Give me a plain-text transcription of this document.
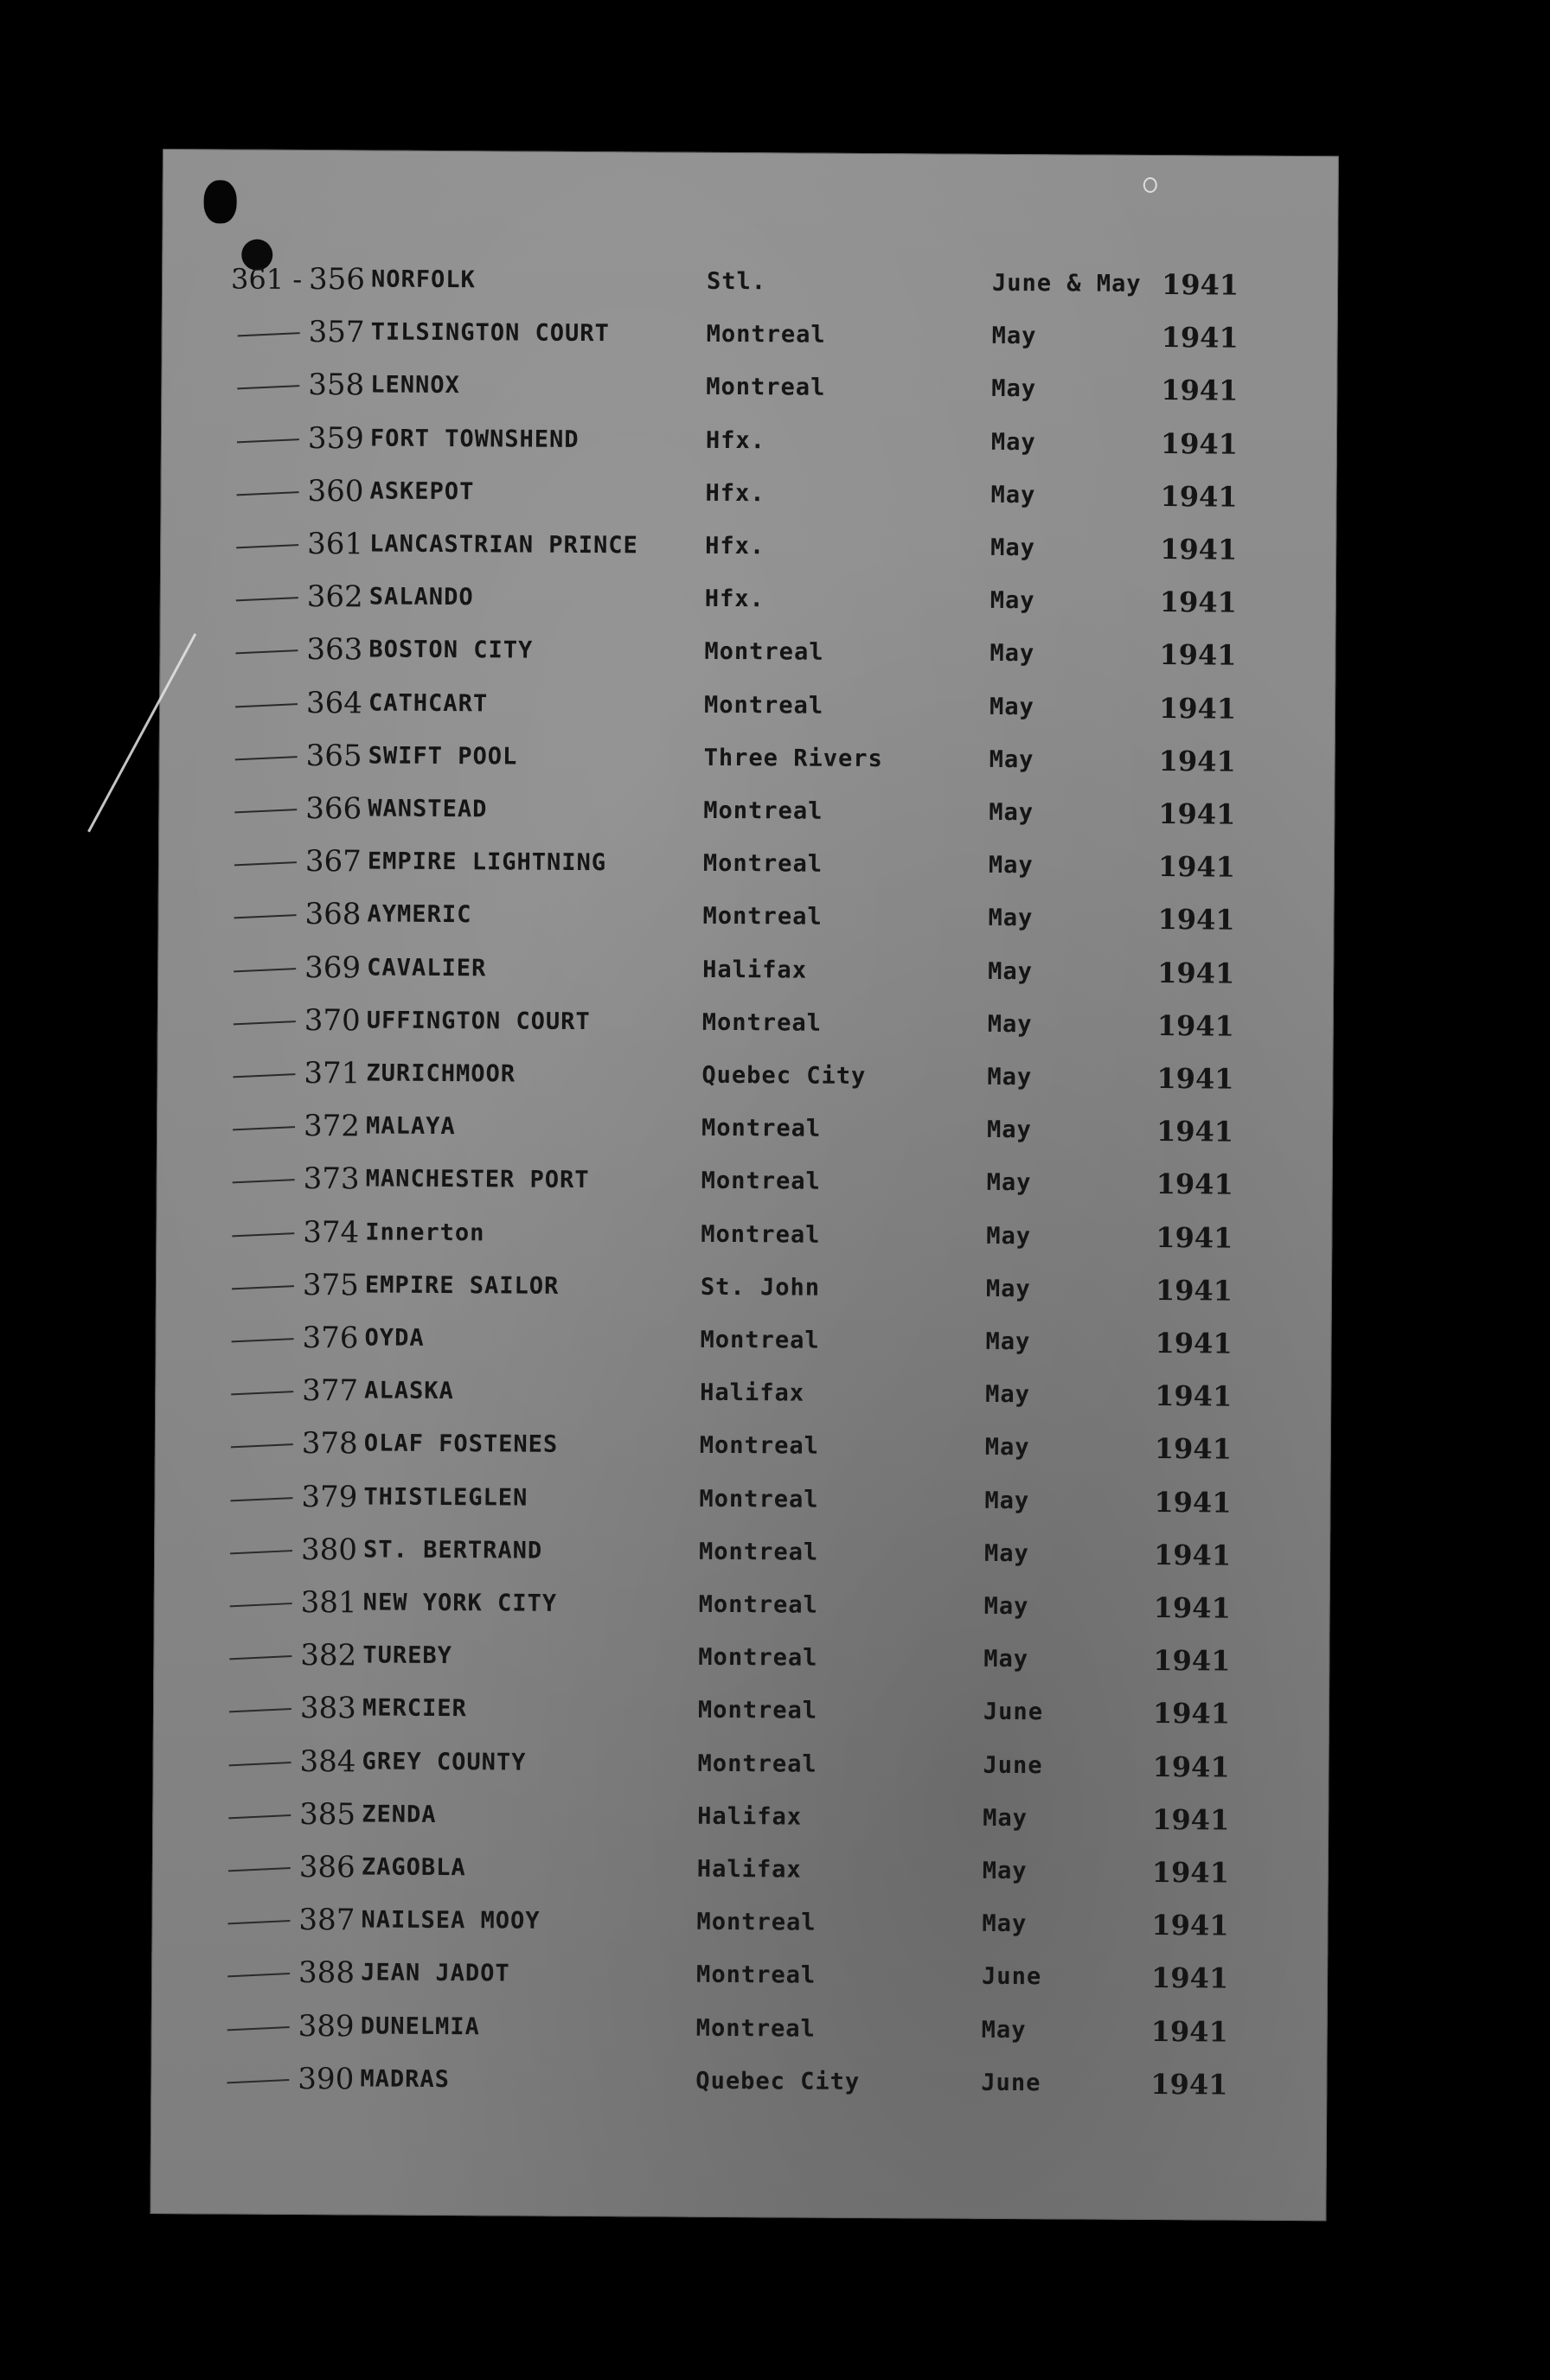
361 - 356 NORFOLK	Stl.	June & May 1941
357 TILSINGTON COURT	Montreal	May	1941
358 LENNOX	Montreal	May	1941
359 FORT TOWNSHEND	Hfx.	May	1941
360 ASKEPOT	Hfx.	May	1941
361 LANCASTRIAN PRINCE	Hfx.	May	1941
362 SALANDO	Hfx.	May	1941
363 BOSTON CITY	Montreal	May	1941
364 CATHCART	Montreal	May	1941
365 SWIFT POOL	Three Rivers	May	1941
366 WANSTEAD	Montreal	May	1941
367 EMPIRE LIGHTNING	Montreal	May	1941
368 AYMERIC	Montreal	May	1941
369 CAVALIER	Halifax	May	1941
370 UFFINGTON COURT	Montreal	May	1941
371 ZURICHMOOR	Quebec City	May	1941
372 MALAYA	Montreal	May	1941
373 MANCHESTER PORT	Montreal	May	1941
374 Innerton	Montreal	May	1941
375 EMPIRE SAILOR	St. John	May	1941
376 OYDA	Montreal	May	1941
377 ALASKA	Halifax	May	1941
378 OLAF FOSTENES	Montreal	May	1941
379 THISTLEGLEN	Montreal	May	1941
380 ST. BERTRAND	Montreal	May	1941
381 NEW YORK CITY	Montreal	May	1941
382 TUREBY	Montreal	May	1941
383 MERCIER	Montreal	June	1941
384 GREY COUNTY	Montreal	June	1941
385 ZENDA	Halifax	May	1941
386 ZAGOBLA	Halifax	May	1941
387 NAILSEA MOOY	Montreal	May	1941
388 JEAN JADOT	Montreal	June	1941
389 DUNELMIA	Montreal	May	1941
390 MADRAS	Quebec City	June	1941
